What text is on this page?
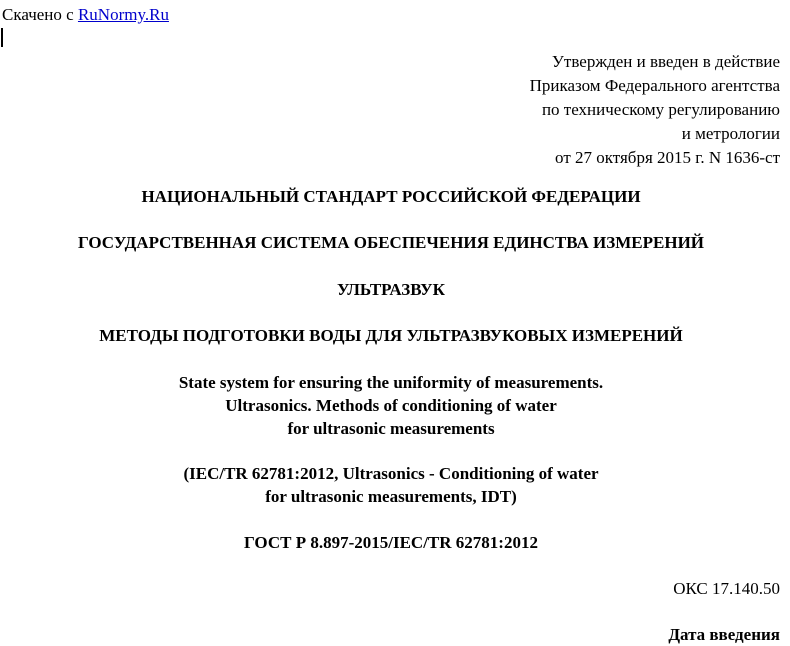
Скачено с RuNormy.Ru
Утвержден и введен в действие
Приказом Федерального агентства
по техническому регулированию
и метрологии
от 27 октября 2015 г. N 1636-ст
НАЦИОНАЛЬНЫЙ СТАНДАРТ РОССИЙСКОЙ ФЕДЕРАЦИИ
ГОСУДАРСТВЕННАЯ СИСТЕМА ОБЕСПЕЧЕНИЯ ЕДИНСТВА ИЗМЕРЕНИЙ
УЛЬТРАЗВУК
МЕТОДЫ ПОДГОТОВКИ ВОДЫ ДЛЯ УЛЬТРАЗВУКОВЫХ ИЗМЕРЕНИЙ
State system for ensuring the uniformity of measurements.
Ultrasonics. Methods of conditioning of water
for ultrasonic measurements
(IEC/TR 62781:2012, Ultrasonics - Conditioning of water
for ultrasonic measurements, IDT)
ГОСТ Р 8.897-2015/IEC/TR 62781:2012
ОКС 17.140.50
Дата введения
